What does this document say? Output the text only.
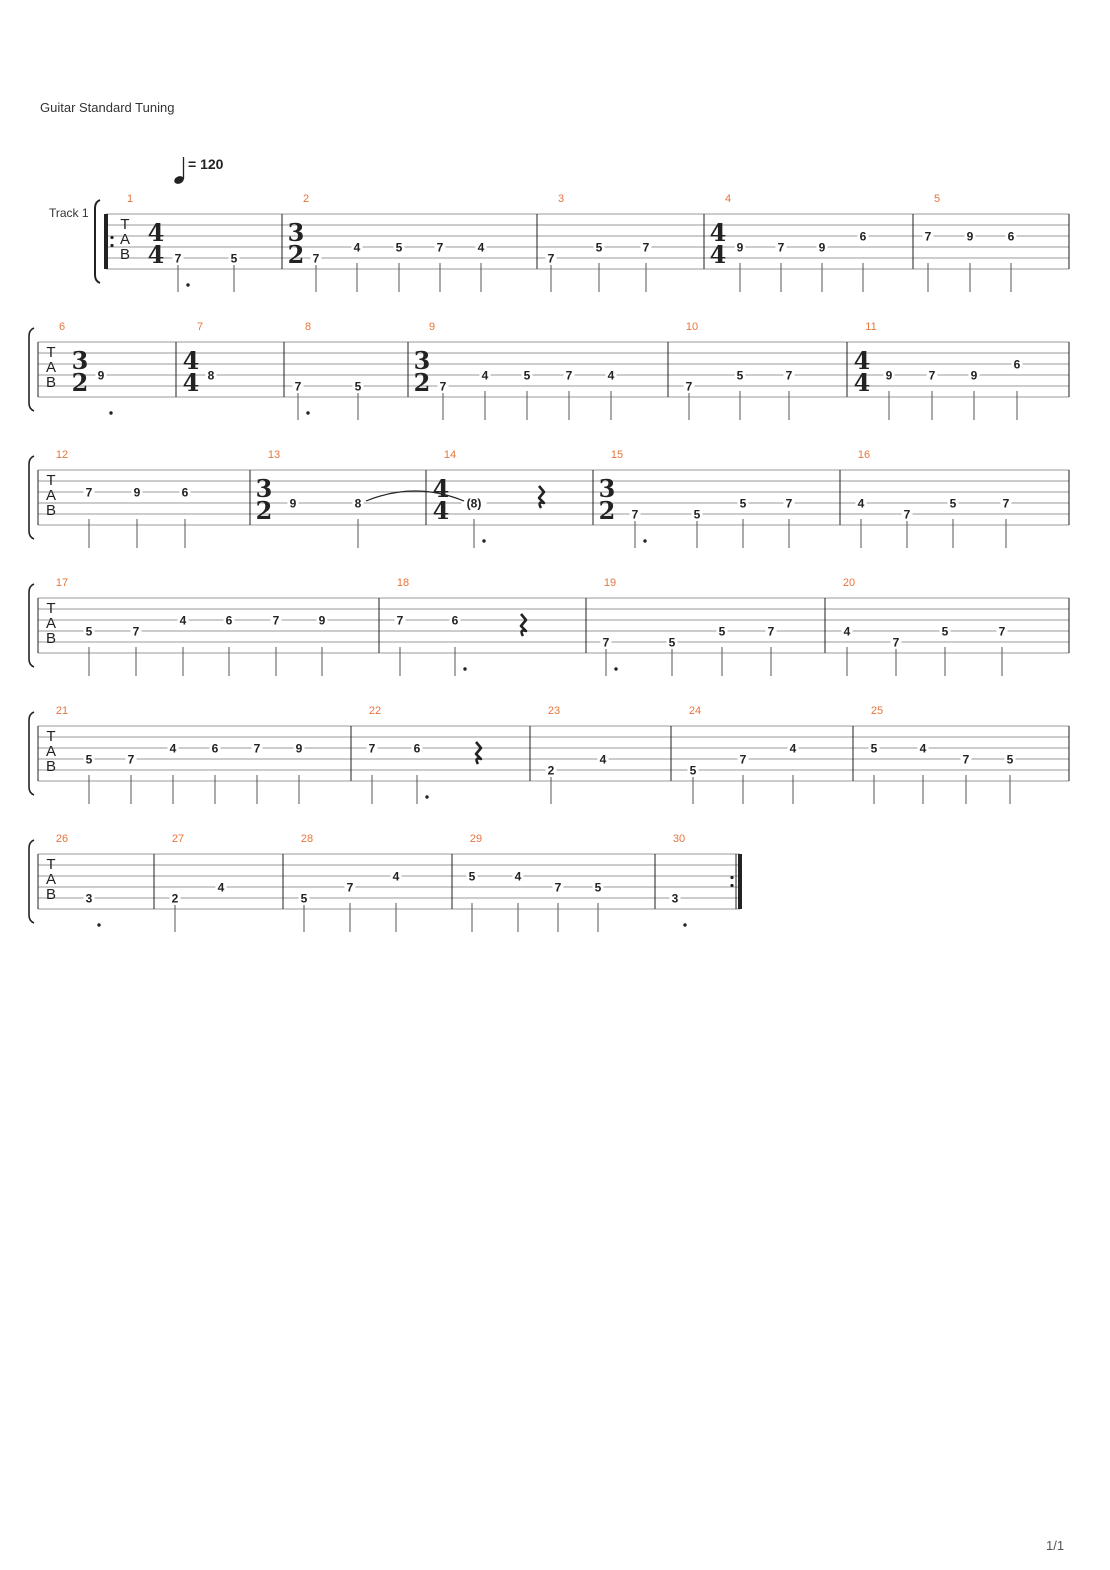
Guitar Standard Tuning
= 120
Track 1
T
A
B
1
4
4 7	5
2
3
2 7
4	5	7	4
3
7
5	7
4
4
4 9	7	9
6
5
7	9	6
T
A
B
6
3
2 9
7
4
4 8
8
7	5
9
3
2 7
4	5	7	4
10
7
5	7
11
4
4 9	7	9
6
T
A
B
12
7	9	6
13
3
2 9	8
14
4
4 (8)
15
3
2 7	5
5	7
16
4
7
5	7
T
A
B
17
5	7
4	6	7	9
18
7	6
19
7	5
5	7
20
4
7
5	7
T
A
B
21
5	7
4	6	7	9
22
7	6
23
2
4
24
5
7
4
25
5	4
7	5
T
A
B
26
3
27
2
4
28
5
7
4
29
5	4
7	5
30
3
1/1
